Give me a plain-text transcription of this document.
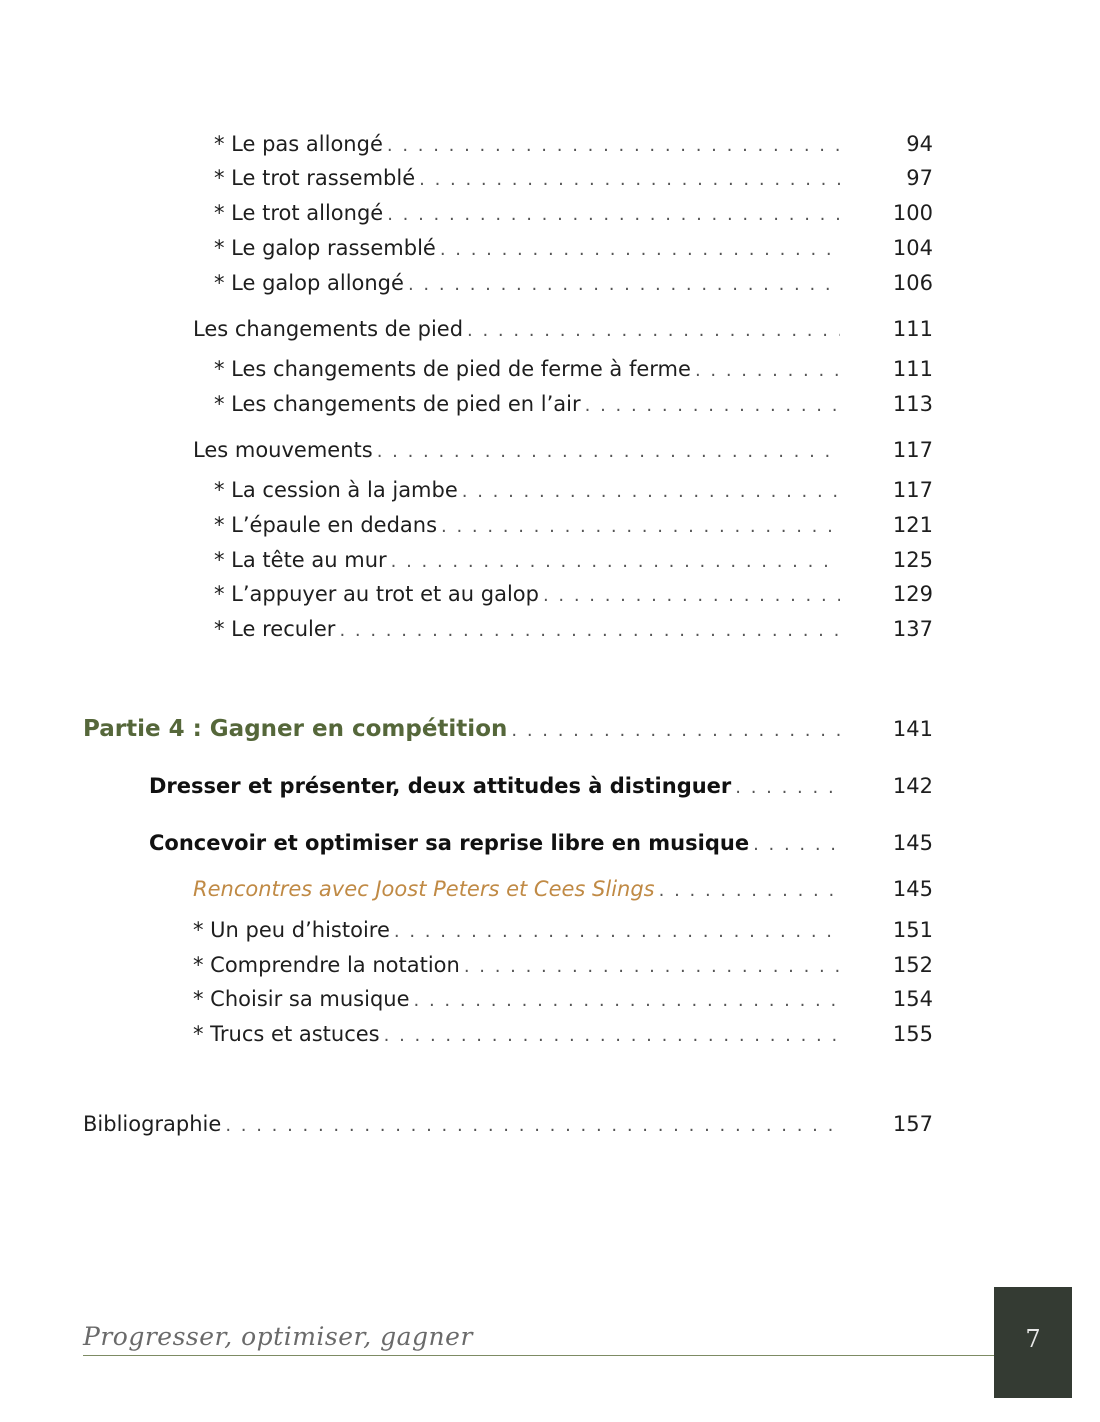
* Le pas allongé . . .	94
* Le trot rassemblé . . .	97
* Le trot allongé . . .	100
* Le galop rassemblé . . .	104
* Le galop allongé . . .	106
Les changements de pied . . .	111
* Les changements de pied de ferme à ferme . . .	111
* Les changements de pied en l’air . . .	113
Les mouvements . . .	117
* La cession à la jambe . . .	117
* L’épaule en dedans . . .	121
* La tête au mur . . .	125
* L’appuyer au trot et au galop . . .	129
* Le reculer . . .	137
Partie 4 : Gagner en compétition . . .	141
Dresser et présenter, deux attitudes à distinguer . . .	142
Concevoir et optimiser sa reprise libre en musique . . .	145
Rencontres avec Joost Peters et Cees Slings . . .	145
* Un peu d’histoire . . .	151
* Comprendre la notation . . .	152
* Choisir sa musique . . .	154
* Trucs et astuces . . .	155
Bibliographie . . .	157
Progresser, optimiser, gagner	7
